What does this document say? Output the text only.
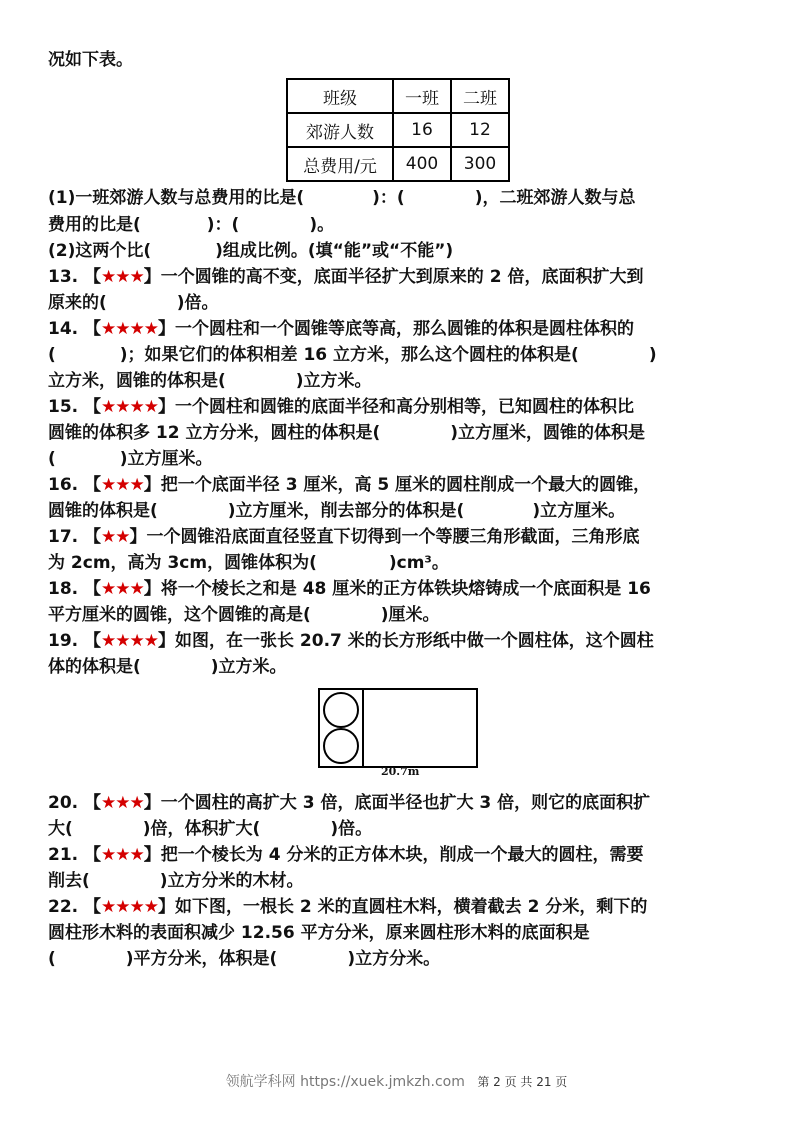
况如下表。
班级	一班	二班
郊游人数	16	12
总费用/元	400	300
(1)一班郊游人数与总费用的比是(	)：(	)，二班郊游人数与总
费用的比是(	)：(	)。
(2)这两个比(	)组成比例。(填“能”或“不能”)
13. 【★★★】一个圆锥的高不变，底面半径扩大到原来的 2 倍，底面积扩大到
原来的(	)倍。
14. 【★★★★】一个圆柱和一个圆锥等底等高，那么圆锥的体积是圆柱体积的
(	)；如果它们的体积相差 16 立方米，那么这个圆柱的体积是(	)
立方米，圆锥的体积是(	)立方米。
15. 【★★★★】一个圆柱和圆锥的底面半径和高分别相等，已知圆柱的体积比
圆锥的体积多 12 立方分米，圆柱的体积是(	)立方厘米，圆锥的体积是
(	)立方厘米。
16. 【★★★】把一个底面半径 3 厘米，高 5 厘米的圆柱削成一个最大的圆锥，
圆锥的体积是(	)立方厘米，削去部分的体积是(	)立方厘米。
17. 【★★】一个圆锥沿底面直径竖直下切得到一个等腰三角形截面，三角形底
为 2cm，高为 3cm，圆锥体积为(	)cm³。
18. 【★★★】将一个棱长之和是 48 厘米的正方体铁块熔铸成一个底面积是 16
平方厘米的圆锥，这个圆锥的高是(	)厘米。
19. 【★★★★】如图，在一张长 20.7 米的长方形纸中做一个圆柱体，这个圆柱
体的体积是(	)立方米。
20.7m
20. 【★★★】一个圆柱的高扩大 3 倍，底面半径也扩大 3 倍，则它的底面积扩
大(	)倍，体积扩大(	)倍。
21. 【★★★】把一个棱长为 4 分米的正方体木块，削成一个最大的圆柱，需要
削去(	)立方分米的木材。
22. 【★★★★】如下图，一根长 2 米的直圆柱木料，横着截去 2 分米，剩下的
圆柱形木料的表面积减少 12.56 平方分米，原来圆柱形木料的底面积是
(	)平方分米，体积是(	)立方分米。
领航学科网 https://xuek.jmkzh.com 第 2 页 共 21 页
